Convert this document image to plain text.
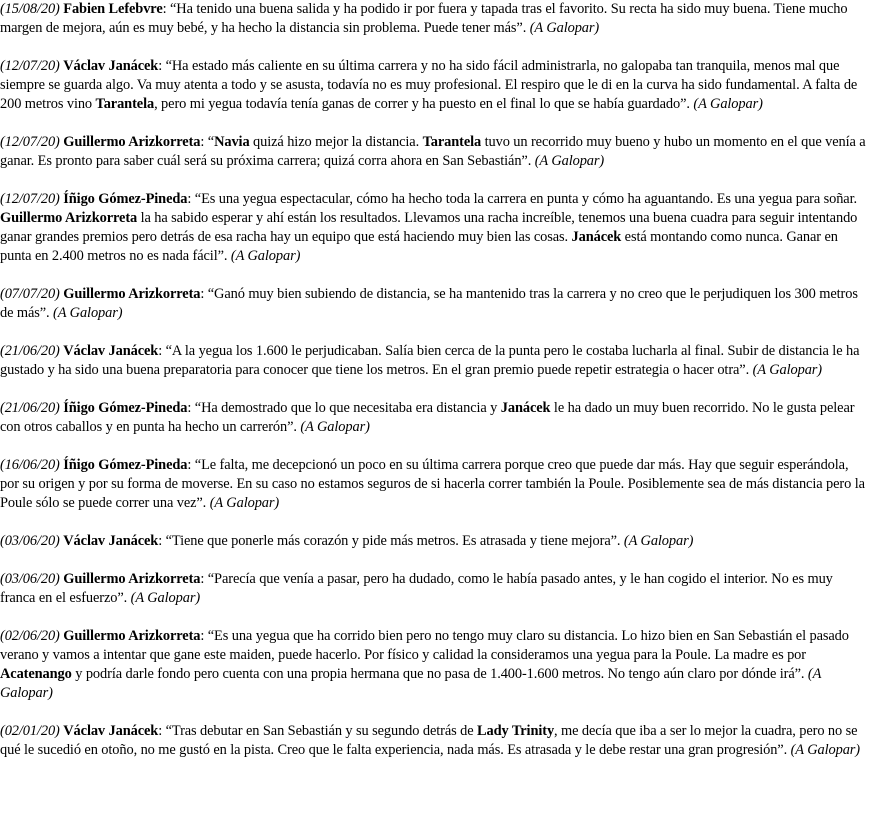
(15/08/20) Fabien Lefebvre: “Ha tenido una buena salida y ha podido ir por fuera y tapada tras el favorito. Su recta ha sido muy buena. Tiene mucho margen de mejora, aún es muy bebé, y ha hecho la distancia sin problema. Puede tener más”. (A Galopar)

(12/07/20) Václav Janácek: “Ha estado más caliente en su última carrera y no ha sido fácil administrarla, no galopaba tan tranquila, menos mal que siempre se guarda algo. Va muy atenta a todo y se asusta, todavía no es muy profesional. El respiro que le di en la curva ha sido fundamental. A falta de 200 metros vino Tarantela, pero mi yegua todavía tenía ganas de correr y ha puesto en el final lo que se había guardado”. (A Galopar)

(12/07/20) Guillermo Arizkorreta: “Navia quizá hizo mejor la distancia. Tarantela tuvo un recorrido muy bueno y hubo un momento en el que venía a ganar. Es pronto para saber cuál será su próxima carrera; quizá corra ahora en San Sebastián”. (A Galopar)

(12/07/20) Íñigo Gómez-Pineda: “Es una yegua espectacular, cómo ha hecho toda la carrera en punta y cómo ha aguantando. Es una yegua para soñar. Guillermo Arizkorreta la ha sabido esperar y ahí están los resultados. Llevamos una racha increíble, tenemos una buena cuadra para seguir intentando ganar grandes premios pero detrás de esa racha hay un equipo que está haciendo muy bien las cosas. Janácek está montando como nunca. Ganar en punta en 2.400 metros no es nada fácil”. (A Galopar)

(07/07/20) Guillermo Arizkorreta: “Ganó muy bien subiendo de distancia, se ha mantenido tras la carrera y no creo que le perjudiquen los 300 metros de más”. (A Galopar)

(21/06/20) Václav Janácek: “A la yegua los 1.600 le perjudicaban. Salía bien cerca de la punta pero le costaba lucharla al final. Subir de distancia le ha gustado y ha sido una buena preparatoria para conocer que tiene los metros. En el gran premio puede repetir estrategia o hacer otra”. (A Galopar)

(21/06/20) Íñigo Gómez-Pineda: “Ha demostrado que lo que necesitaba era distancia y Janácek le ha dado un muy buen recorrido. No le gusta pelear con otros caballos y en punta ha hecho un carrerón”. (A Galopar)

(16/06/20) Íñigo Gómez-Pineda: “Le falta, me decepcionó un poco en su última carrera porque creo que puede dar más. Hay que seguir esperándola, por su origen y por su forma de moverse. En su caso no estamos seguros de si hacerla correr también la Poule. Posiblemente sea de más distancia pero la Poule sólo se puede correr una vez”. (A Galopar)

(03/06/20) Václav Janácek: “Tiene que ponerle más corazón y pide más metros. Es atrasada y tiene mejora”. (A Galopar)

(03/06/20) Guillermo Arizkorreta: “Parecía que venía a pasar, pero ha dudado, como le había pasado antes, y le han cogido el interior. No es muy franca en el esfuerzo”. (A Galopar)

(02/06/20) Guillermo Arizkorreta: “Es una yegua que ha corrido bien pero no tengo muy claro su distancia. Lo hizo bien en San Sebastián el pasado verano y vamos a intentar que gane este maiden, puede hacerlo. Por físico y calidad la consideramos una yegua para la Poule. La madre es por Acatenango y podría darle fondo pero cuenta con una propia hermana que no pasa de 1.400-1.600 metros. No tengo aún claro por dónde irá”. (A Galopar)

(02/01/20) Václav Janácek: “Tras debutar en San Sebastián y su segundo detrás de Lady Trinity, me decía que iba a ser lo mejor la cuadra, pero no se qué le sucedió en otoño, no me gustó en la pista. Creo que le falta experiencia, nada más. Es atrasada y le debe restar una gran progresión”. (A Galopar)
